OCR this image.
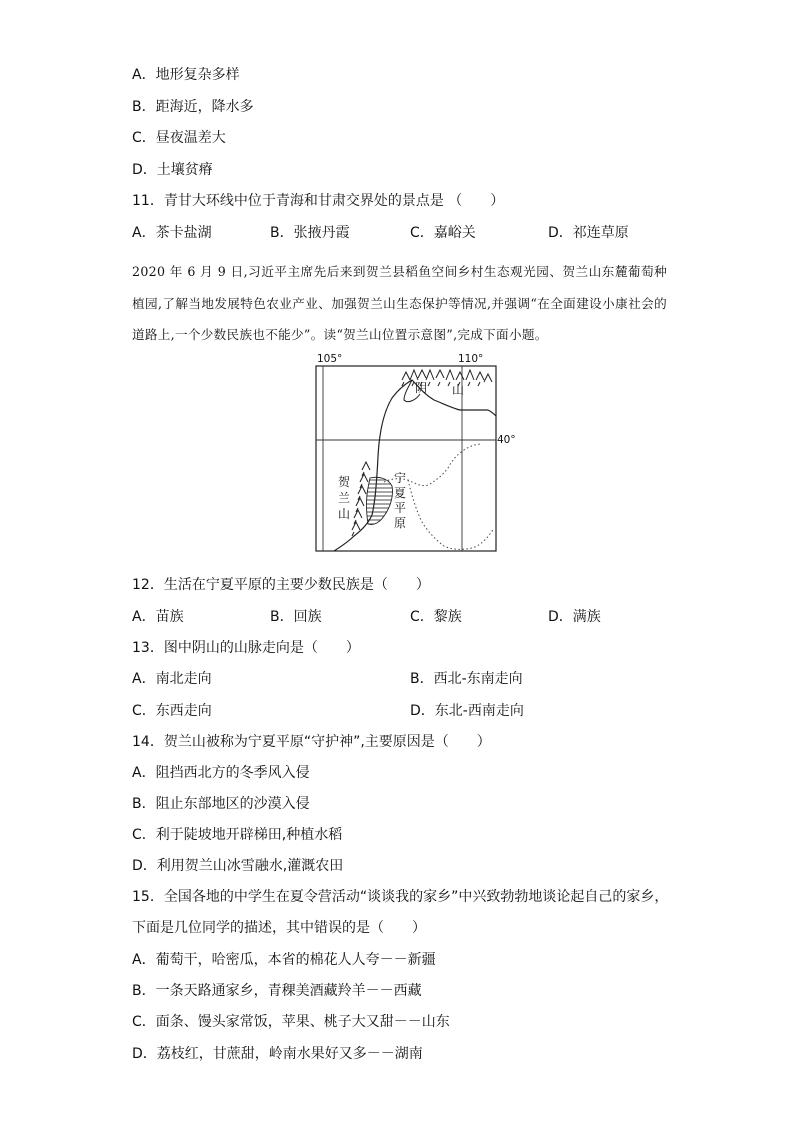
A．地形复杂多样
B．距海近，降水多
C．昼夜温差大
D．土壤贫瘠
11．青甘大环线中位于青海和甘肃交界处的景点是 （　　）
A．茶卡盐湖	B．张掖丹霞	C．嘉峪关	D．祁连草原
2020 年 6 月 9 日,习近平主席先后来到贺兰县稻鱼空间乡村生态观光园、贺兰山东麓葡萄种植园,了解当地发展特色农业产业、加强贺兰山生态保护等情况,并强调“在全面建设小康社会的道路上,一个少数民族也不能少”。读“贺兰山位置示意图”,完成下面小题。
105°	110°
40°
阴 山
贺
兰
山
宁
夏
平
原
12．生活在宁夏平原的主要少数民族是（　　）
A．苗族	B．回族	C．黎族	D．满族
13．图中阴山的山脉走向是（　　）
A．南北走向	B．西北-东南走向
C．东西走向	D．东北-西南走向
14．贺兰山被称为宁夏平原“守护神”,主要原因是（　　）
A．阻挡西北方的冬季风入侵
B．阻止东部地区的沙漠入侵
C．利于陡坡地开辟梯田,种植水稻
D．利用贺兰山冰雪融水,灌溉农田
15．全国各地的中学生在夏令营活动“谈谈我的家乡”中兴致勃勃地谈论起自己的家乡，
下面是几位同学的描述，其中错误的是（　　）
A．葡萄干，哈密瓜，本省的棉花人人夸－－新疆
B．一条天路通家乡，青稞美酒藏羚羊－－西藏
C．面条、馒头家常饭，苹果、桃子大又甜－－山东
D．荔枝红，甘蔗甜，岭南水果好又多－－湖南
